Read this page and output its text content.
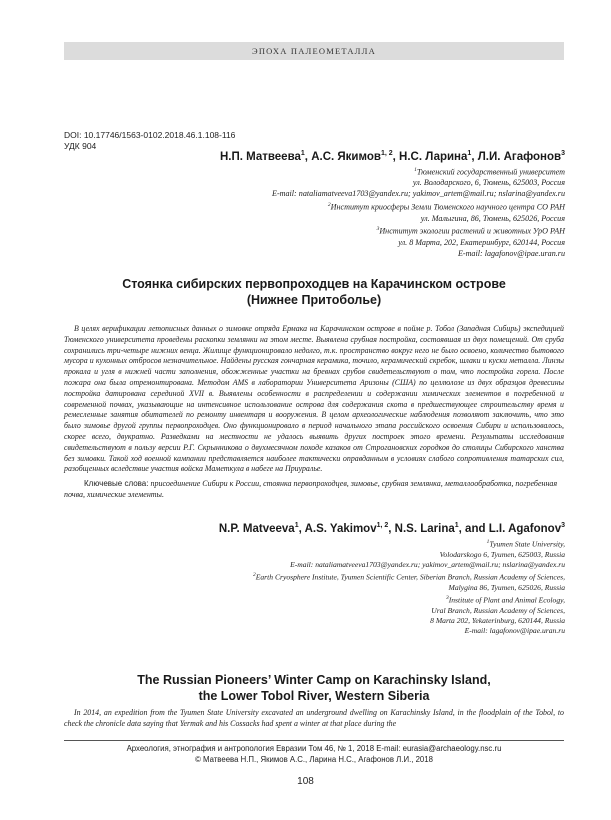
ЭПОХА ПАЛЕОМЕТАЛЛА
DOI: 10.17746/1563-0102.2018.46.1.108-116
УДК 904
Н.П. Матвеева$^1$, А.С. Якимов$^{1, 2}$, Н.С. Ларина$^1$, Л.И. Агафонов$^3$
$^1$Тюменский государственный университет
ул. Володарского, 6, Тюмень, 625003, Россия
E-mail: nataliamatveeva1703@yandex.ru; yakimov_artem@mail.ru; nslarina@yandex.ru
$^2$Институт криосферы Земли Тюменского научного центра СО РАН
ул. Малыгина, 86, Тюмень, 625026, Россия
$^3$Институт экологии растений и животных УрО РАН
ул. 8 Марта, 202, Екатеринбург, 620144, Россия
E-mail: lagafonov@ipae.uran.ru
Стоянка сибирских первопроходцев на Карачинском острове
(Нижнее Притоболье)
В целях верификации летописных данных о зимовке отряда Ермака на Карачинском острове в пойме р. Тобол (Западная Сибирь) экспедицией Тюменского университета проведены раскопки землянки на этом месте. Выявлена срубная постройка, состоявшая из двух помещений. От сруба сохранились три-четыре нижних венца. Жилище функционировало недолго, т.к. пространство вокруг него не было освоено, количество бытового мусора и кухонных отбросов незначительное. Найдены русская гончарная керамика, точило, керамический скребок, шлаки и куски металла. Линзы прокала и угля в нижней части заполнения, обожженные участки на бревнах срубов свидетельствуют о том, что постройка горела. После пожара она была отремонтирована. Методом AMS в лаборатории Университета Аризоны (США) по целлюлозе из двух образцов древесины постройка датирована серединой XVII в. Выявлены особенности в распределении и содержании химических элементов в погребенной и современной почвах, указывающие на интенсивное использование острова для содержания скота в предшествующее строительству время и ремесленные занятия обитателей по ремонту инвентаря и вооружения. В целом археологические наблюдения позволяют заключить, что это было зимовье другой группы первопроходцев. Оно функционировало в период начального этапа российского освоения Сибири и использовалось, скорее всего, двукратно. Разведками на местности не удалось выявить других построек этого времени. Результаты исследования свидетельствуют в пользу версии Р.Г. Скрынникова о двухмесячном походе казаков от Строгановских городков до столицы Сибирского ханства без зимовки. Такой ход военной кампании представляется наиболее тактически оправданным в условиях слабого сопротивления татарских сил, разобщенных вследствие участия войска Маметкула в набеге на Приуралье.
Ключевые слова: присоединение Сибири к России, стоянка первопроходцев, зимовье, срубная землянка, металлообработка, погребенная почва, химические элементы.
N.P. Matveeva$^1$, A.S. Yakimov$^{1, 2}$, N.S. Larina$^1$, and L.I. Agafonov$^3$
$^1$Tyumen State University,
Volodarskogo 6, Tyumen, 625003, Russia
E-mail: nataliamatveeva1703@yandex.ru; yakimov_artem@mail.ru; nslarina@yandex.ru
$^2$Earth Cryosphere Institute, Tyumen Scientific Center, Siberian Branch, Russian Academy of Sciences,
Malygina 86, Tyumen, 625026, Russia
$^3$Institute of Plant and Animal Ecology,
Ural Branch, Russian Academy of Sciences,
8 Marta 202, Yekaterinburg, 620144, Russia
E-mail: lagafonov@ipae.uran.ru
The Russian Pioneers’ Winter Camp on Karachinsky Island,
the Lower Tobol River, Western Siberia
In 2014, an expedition from the Tyumen State University excavated an underground dwelling on Karachinsky Island, in the floodplain of the Tobol, to check the chronicle data saying that Yermak and his Cossacks had spent a winter at that place during the
Археология, этнография и антропология Евразии Том 46, № 1, 2018 E-mail: eurasia@archaeology.nsc.ru
© Матвеева Н.П., Якимов А.С., Ларина Н.С., Агафонов Л.И., 2018
108
